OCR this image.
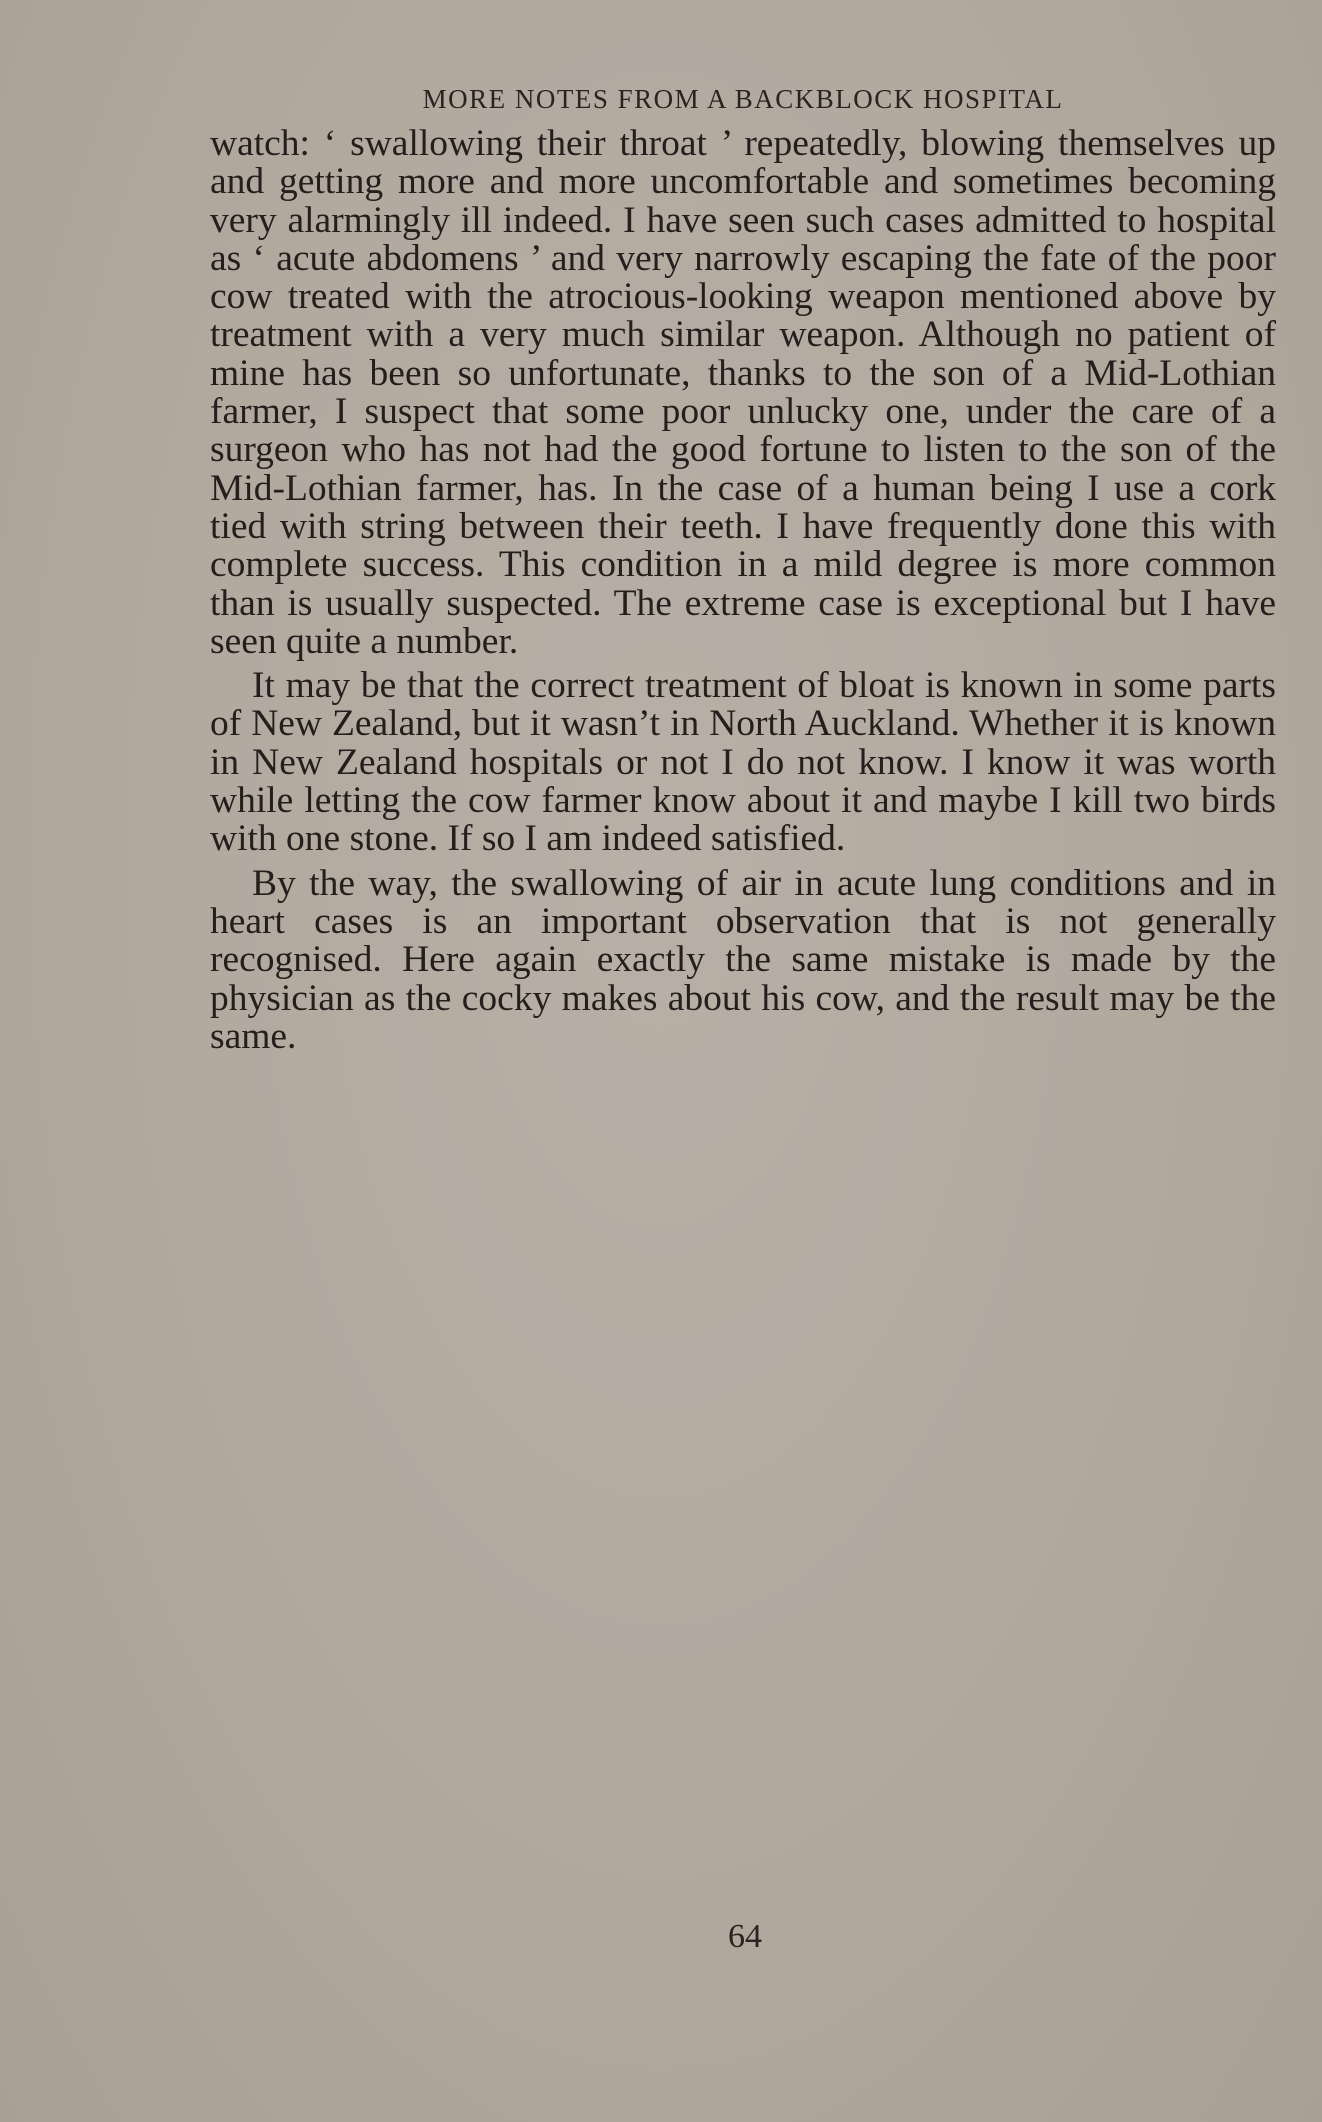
MORE NOTES FROM A BACKBLOCK HOSPITAL

watch: ‘ swallowing their throat ’ repeatedly, blowing themselves up and getting more and more uncomfortable and sometimes becoming very alarmingly ill indeed. I have seen such cases admitted to hospital as ‘ acute abdomens ’ and very narrowly escaping the fate of the poor cow treated with the atrocious-looking weapon mentioned above by treatment with a very much similar weapon. Although no patient of mine has been so unfortunate, thanks to the son of a Mid-Lothian farmer, I suspect that some poor unlucky one, under the care of a surgeon who has not had the good fortune to listen to the son of the Mid-Lothian farmer, has. In the case of a human being I use a cork tied with string between their teeth. I have frequently done this with complete success. This condition in a mild degree is more common than is usually suspected. The extreme case is exceptional but I have seen quite a number.

It may be that the correct treatment of bloat is known in some parts of New Zealand, but it wasn’t in North Auckland. Whether it is known in New Zealand hospitals or not I do not know. I know it was worth while letting the cow farmer know about it and maybe I kill two birds with one stone. If so I am indeed satisfied.

By the way, the swallowing of air in acute lung conditions and in heart cases is an important observation that is not generally recognised. Here again exactly the same mistake is made by the physician as the cocky makes about his cow, and the result may be the same.

64
